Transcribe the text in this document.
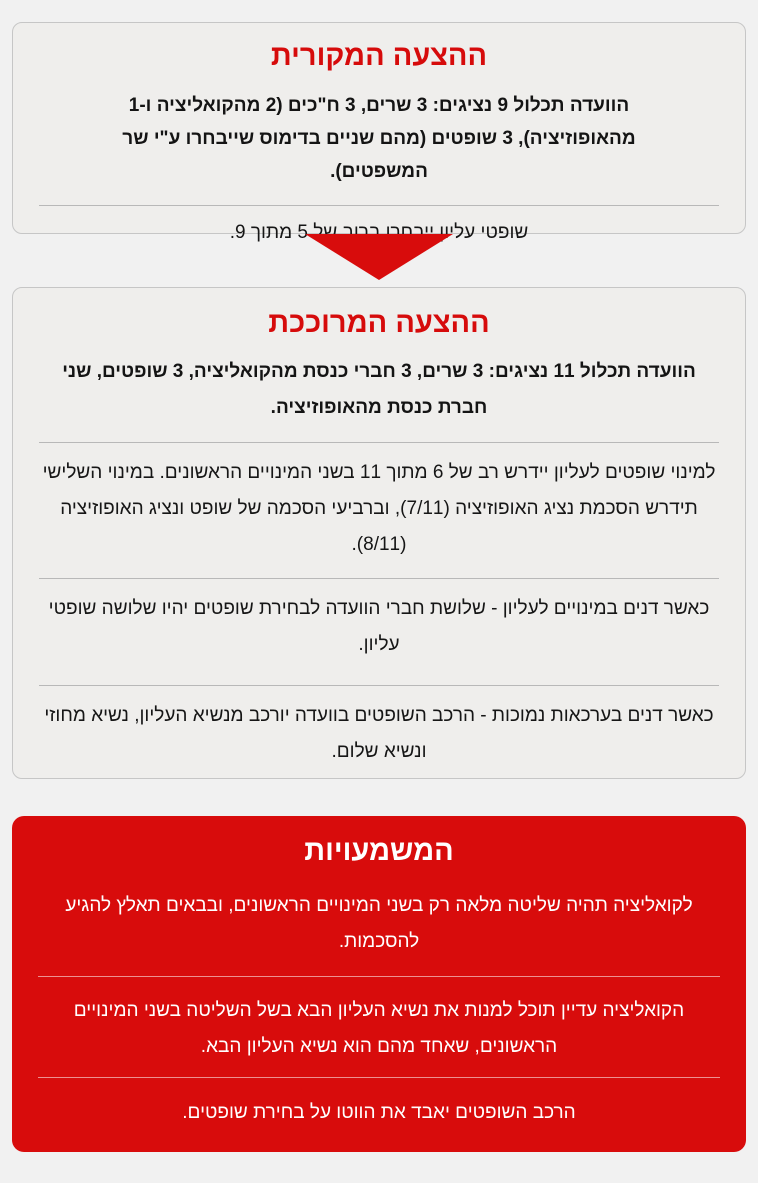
ההצעה המקורית
הוועדה תכלול 9 נציגים: 3 שרים, 3 ח"כים (2 מהקואליציה ו-1 מהאופוזיציה), 3 שופטים (מהם שניים בדימוס שייבחרו ע"י שר המשפטים).
שופטי עליון ייבחרו ברוב של 5 מתוך 9.
ההצעה המרוככת
הוועדה תכלול 11 נציגים: 3 שרים, 3 חברי כנסת מהקואליציה, 3 שופטים, שני חברת כנסת מהאופוזיציה.
למינוי שופטים לעליון יידרש רב של 6 מתוך 11 בשני המינויים הראשונים. במינוי השלישי תידרש הסכמת נציג האופוזיציה (7/11), וברביעי הסכמה של שופט ונציג האופוזיציה (8/11).
כאשר דנים במינויים לעליון - שלושת חברי הוועדה לבחירת שופטים יהיו שלושה שופטי עליון.
כאשר דנים בערכאות נמוכות - הרכב השופטים בוועדה יורכב מנשיא העליון, נשיא מחוזי ונשיא שלום.
המשמעויות
לקואליציה תהיה שליטה מלאה רק בשני המינויים הראשונים, ובבאים תאלץ להגיע להסכמות.
הקואליציה עדיין תוכל למנות את נשיא העליון הבא בשל השליטה בשני המינויים הראשונים, שאחד מהם הוא נשיא העליון הבא.
הרכב השופטים יאבד את הווטו על בחירת שופטים.
